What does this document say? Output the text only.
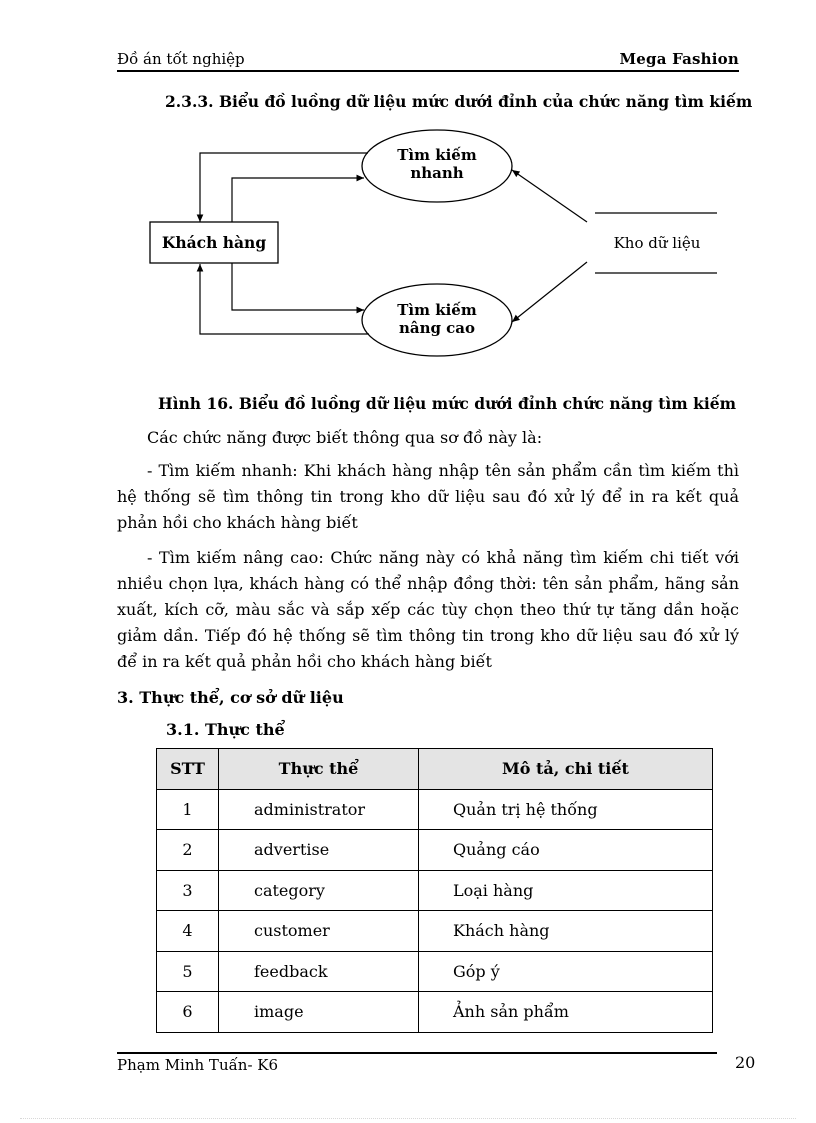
Đồ án tốt nghiệp	Mega Fashion
2.3.3. Biểu đồ luồng dữ liệu mức dưới đỉnh của chức năng tìm kiếm
Khách hàng
Tìm kiếm
nhanh
Tìm kiếm
nâng cao
Kho dữ liệu
Hình 16. Biểu đồ luồng dữ liệu mức dưới đỉnh chức năng tìm kiếm
Các chức năng được biết thông qua sơ đồ này là:
- Tìm kiếm nhanh: Khi khách hàng nhập tên sản phẩm cần tìm kiếm thì hệ thống sẽ tìm thông tin trong kho dữ liệu sau đó xử lý để in ra kết quả phản hồi cho khách hàng biết
- Tìm kiếm nâng cao: Chức năng này có khả năng tìm kiếm chi tiết với nhiều chọn lựa, khách hàng có thể nhập đồng thời: tên sản phẩm, hãng sản xuất, kích cỡ, màu sắc và sắp xếp các tùy chọn theo thứ tự tăng dần hoặc giảm dần. Tiếp đó hệ thống sẽ tìm thông tin trong kho dữ liệu sau đó xử lý để in ra kết quả phản hồi cho khách hàng biết
3. Thực thể, cơ sở dữ liệu
3.1. Thực thể
STT	Thực thể	Mô tả, chi tiết
1	administrator	Quản trị hệ thống
2	advertise	Quảng cáo
3	category	Loại hàng
4	customer	Khách hàng
5	feedback	Góp ý
6	image	Ảnh sản phẩm
Phạm Minh Tuấn- K6	20
